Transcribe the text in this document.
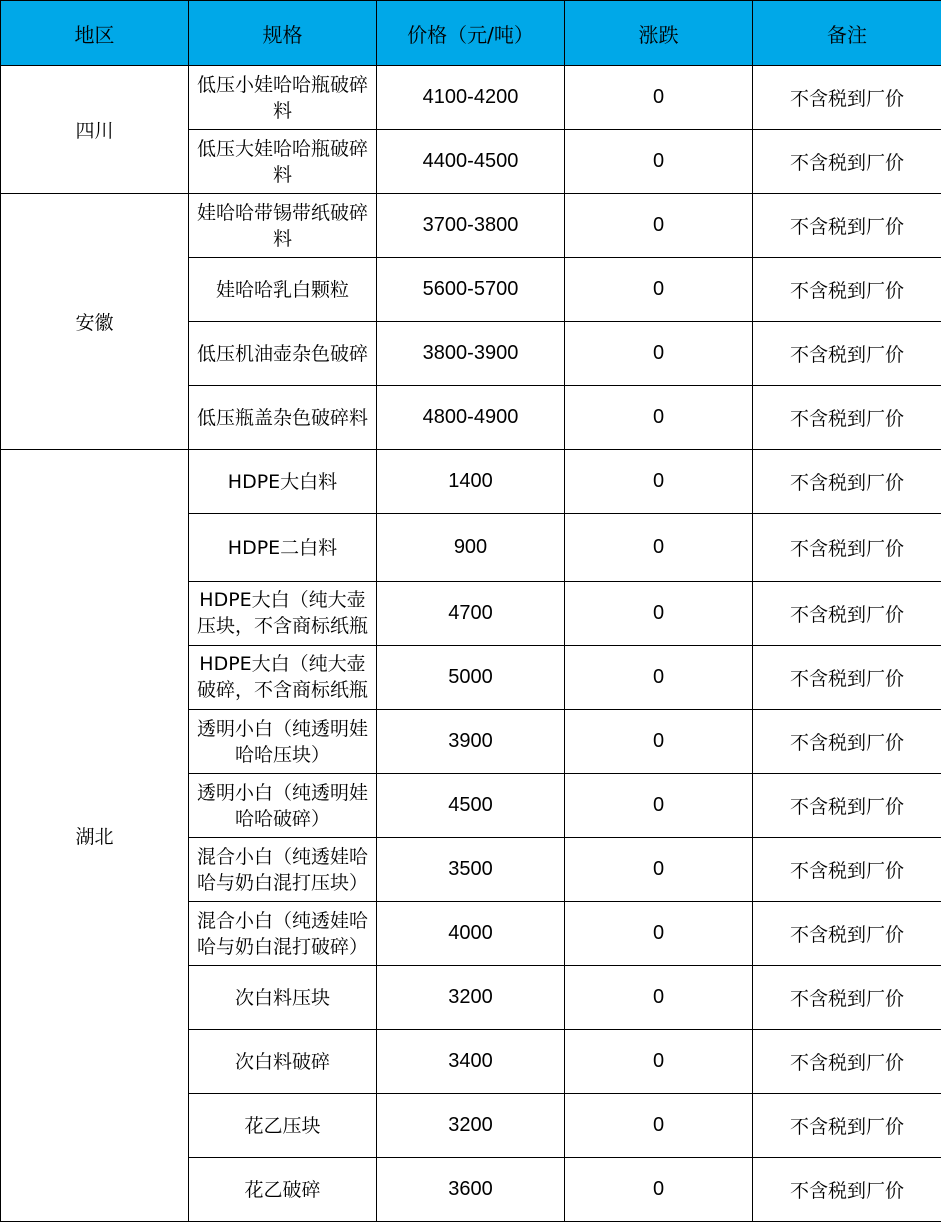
地区	规格	价格（元/吨）	涨跌	备注
四川	低压小娃哈哈瓶破碎料	4100-4200	0	不含税到厂价

	低压大娃哈哈瓶破碎料	4400-4500	0	不含税到厂价
安徽	娃哈哈带锡带纸破碎料	3700-3800	0	不含税到厂价

	娃哈哈乳白颗粒	5600-5700	0	不含税到厂价

	低压机油壶杂色破碎	3800-3900	0	不含税到厂价

	低压瓶盖杂色破碎料	4800-4900	0	不含税到厂价
湖北	HDPE大白料	1400	0	不含税到厂价

	HDPE二白料	900	0	不含税到厂价

	HDPE大白（纯大壶压块，不含商标纸瓶	4700	0	不含税到厂价

	HDPE大白（纯大壶破碎，不含商标纸瓶	5000	0	不含税到厂价

	透明小白（纯透明娃哈哈压块）	3900	0	不含税到厂价

	透明小白（纯透明娃哈哈破碎）	4500	0	不含税到厂价

	混合小白（纯透娃哈哈与奶白混打压块）	3500	0	不含税到厂价

	混合小白（纯透娃哈哈与奶白混打破碎）	4000	0	不含税到厂价

	次白料压块	3200	0	不含税到厂价

	次白料破碎	3400	0	不含税到厂价

	花乙压块	3200	0	不含税到厂价

	花乙破碎	3600	0	不含税到厂价
